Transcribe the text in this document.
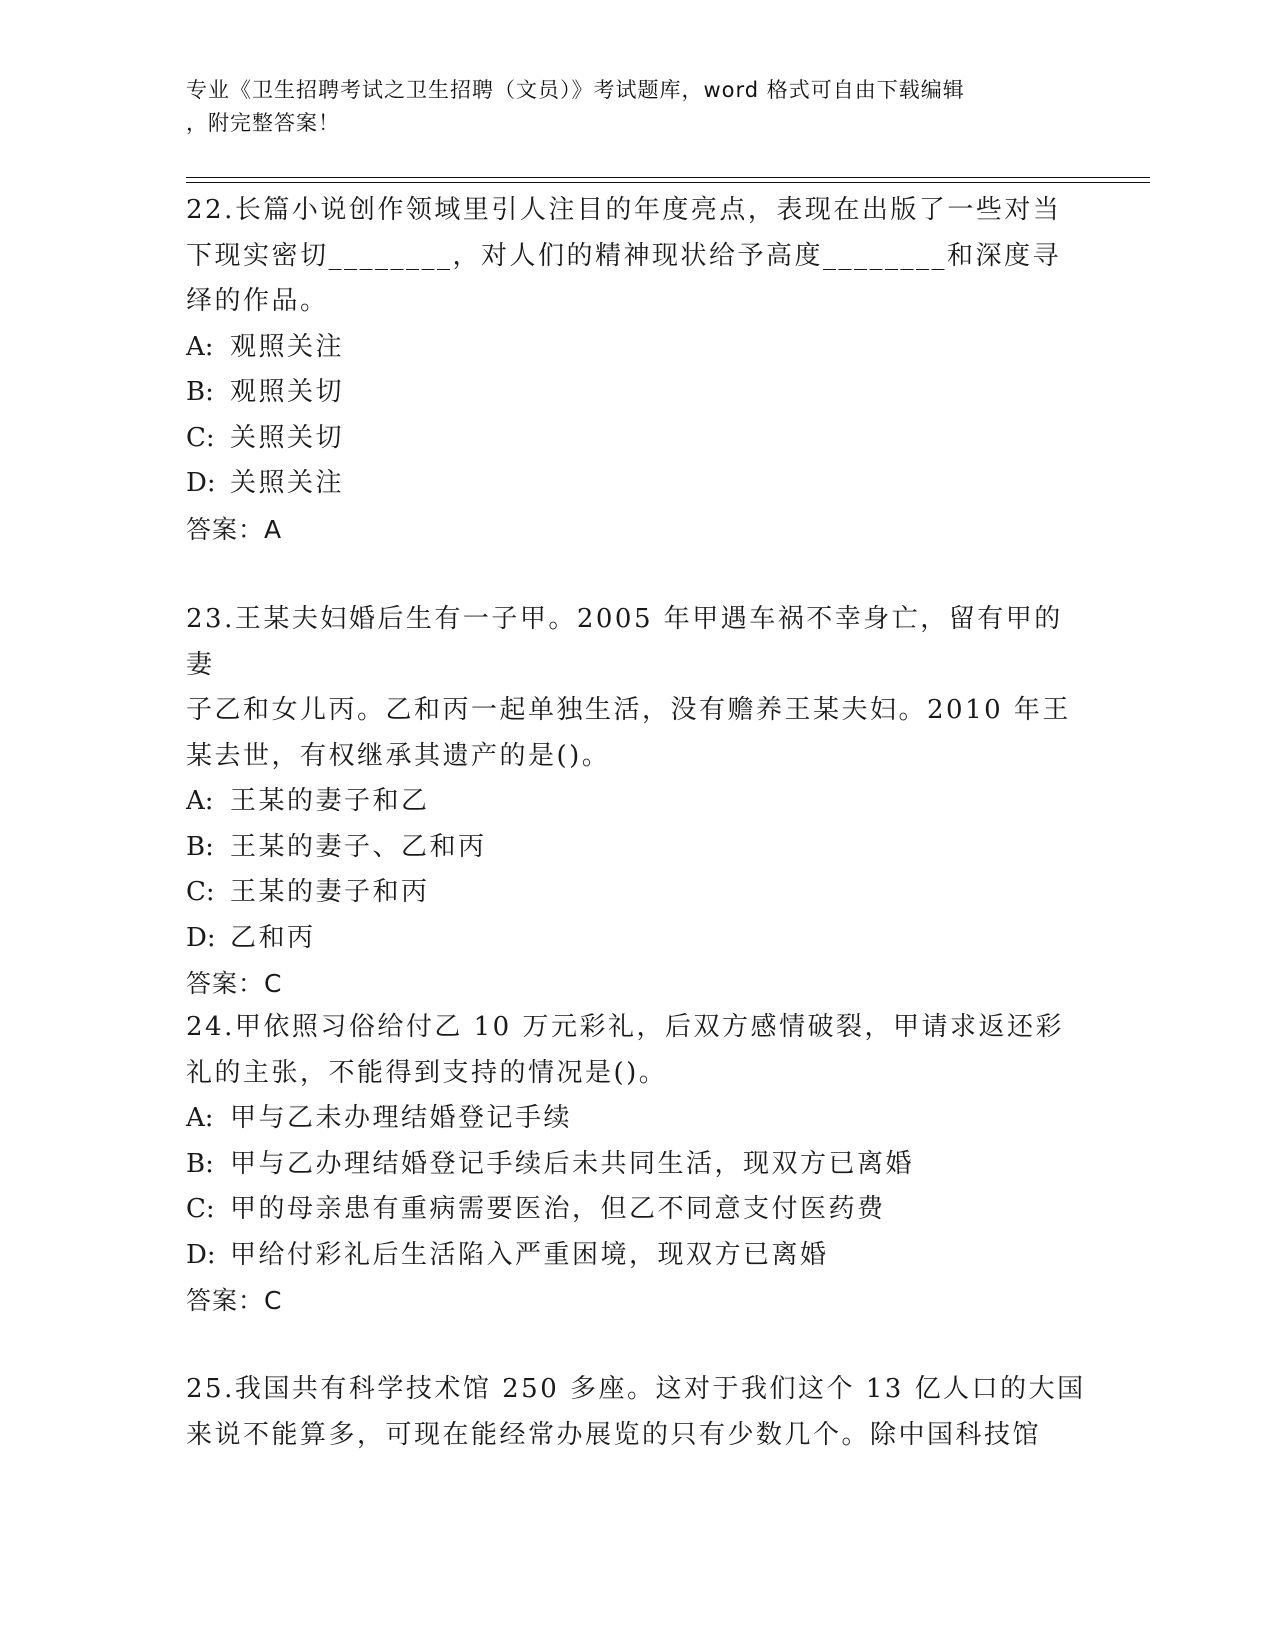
专业《卫生招聘考试之卫生招聘（文员）》考试题库，word 格式可自由下载编辑
，附完整答案！

22.长篇小说创作领域里引人注目的年度亮点，表现在出版了一些对当

下现实密切________，对人们的精神现状给予高度________和深度寻

绎的作品。

A: 观照关注

B: 观照关切

C: 关照关切

D: 关照关注

答案：A

23.王某夫妇婚后生有一子甲。2005 年甲遇车祸不幸身亡，留有甲的妻

子乙和女儿丙。乙和丙一起单独生活，没有赡养王某夫妇。2010 年王

某去世，有权继承其遗产的是()。

A: 王某的妻子和乙

B: 王某的妻子、乙和丙

C: 王某的妻子和丙

D: 乙和丙

答案：C

24.甲依照习俗给付乙 10 万元彩礼，后双方感情破裂，甲请求返还彩

礼的主张，不能得到支持的情况是()。

A: 甲与乙未办理结婚登记手续

B: 甲与乙办理结婚登记手续后未共同生活，现双方已离婚

C: 甲的母亲患有重病需要医治，但乙不同意支付医药费

D: 甲给付彩礼后生活陷入严重困境，现双方已离婚

答案：C

25.我国共有科学技术馆 250 多座。这对于我们这个 13 亿人口的大国

来说不能算多，可现在能经常办展览的只有少数几个。除中国科技馆
